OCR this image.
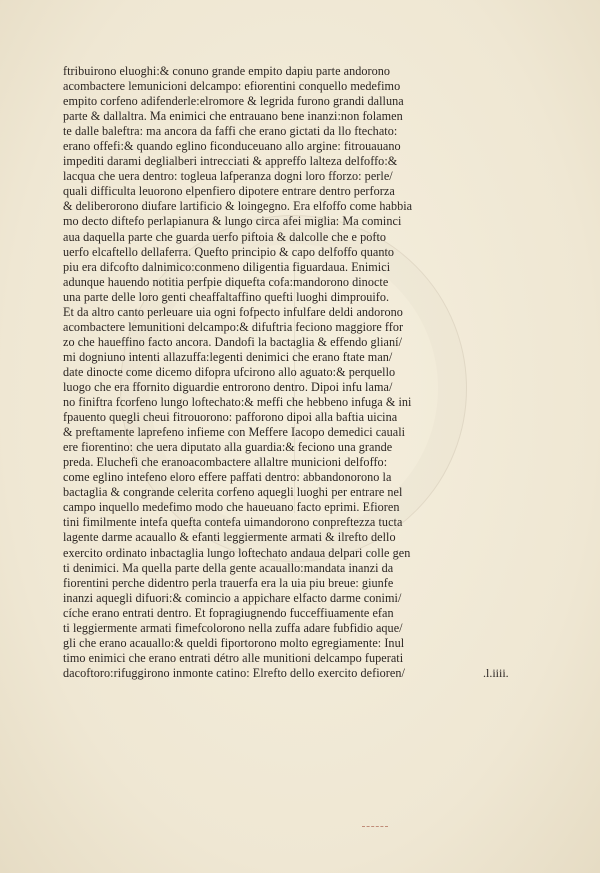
ftribuirono eluoghi:& conuno grande empito dapiu parte andorono
acombactere lemunicioni delcampo: efiorentini conquello medefimo
empito corfeno adifenderle:elromore & legrida furono grandi dalluna
parte & dallaltra. Ma enimici che entrauano bene inanzi:non folamen
te dalle baleftra: ma ancora da faffi che erano gictati da llo ftechato:
erano offefi:& quando eglino ficonduceuano allo argine: fitrouauano
impediti darami deglialberi intrecciati & appreffo lalteza delfoffo:&
lacqua che uera dentro: togleua lafperanza dogni loro fforzo: perle/
quali difficulta leuorono elpenfiero dipotere entrare dentro perforza
& deliberorono diufare lartificio & loingegno. Era elfoffo come habbia
mo decto diftefo perlapianura & lungo circa afei miglia: Ma cominci
aua daquella parte che guarda uerfo piftoia & dalcolle che e pofto
uerfo elcaftello dellaferra. Quefto principio & capo delfoffo quanto
piu era difcofto dalnimico:conmeno diligentia figuardaua. Enimici
adunque hauendo notitia perfpie diquefta cofa:mandorono dinocte
una parte delle loro genti cheaffaltaffino quefti luoghi dimprouifo.
Et da altro canto perleuare uia ogni fofpecto infulfare deldi andorono
acombactere lemunitioni delcampo:& difuftria feciono maggiore ffor
zo che haueffino facto ancora. Dandofi la bactaglia & effendo glianí/
mi dogniuno intenti allazuffa:legenti denimici che erano ftate man/
date dinocte come dicemo difopra ufcirono allo aguato:& perquello
luogo che era ffornito diguardie entrorono dentro. Dipoi infu lama/
no finiftra fcorfeno lungo loftechato:& meffi che hebbeno infuga & ini
fpauento quegli cheui fitrouorono: pafforono dipoi alla baftia uicina
& preftamente laprefeno infieme con Meffere Iacopo demedici cauali
ere fiorentino: che uera diputato alla guardia:& feciono una grande
preda. Eluchefi che eranoacombactere allaltre municioni delfoffo:
come eglino intefeno eloro effere paffati dentro: abbandonorono la
bactaglia & congrande celerita corfeno aquegli luoghi per entrare nel
campo inquello medefimo modo che haueuano facto eprimi. Efioren
tini fimilmente intefa quefta contefa uimandorono conpreftezza tucta
lagente darme acauallo & efanti leggiermente armati & ilrefto dello
exercito ordinato inbactaglia lungo loftechato andaua delpari colle gen
ti denimici. Ma quella parte della gente acauallo:mandata inanzi da
fiorentini perche didentro perla trauerfa era la uia piu breue: giunfe
inanzi aquegli difuori:& comincio a appichare elfacto darme conimi/
cíche erano entrati dentro. Et fopragiugnendo fucceffiuamente efan
ti leggiermente armati fimefcolorono nella zuffa adare fubfidio aque/
gli che erano acauallo:& queldi fiportorono molto egregiamente: Inul
timo enimici che erano entrati détro alle munitioni delcampo fuperati
dacoftoro:rifuggirono inmonte catino: Elrefto dello exercito defioren/	.l.iiii.
